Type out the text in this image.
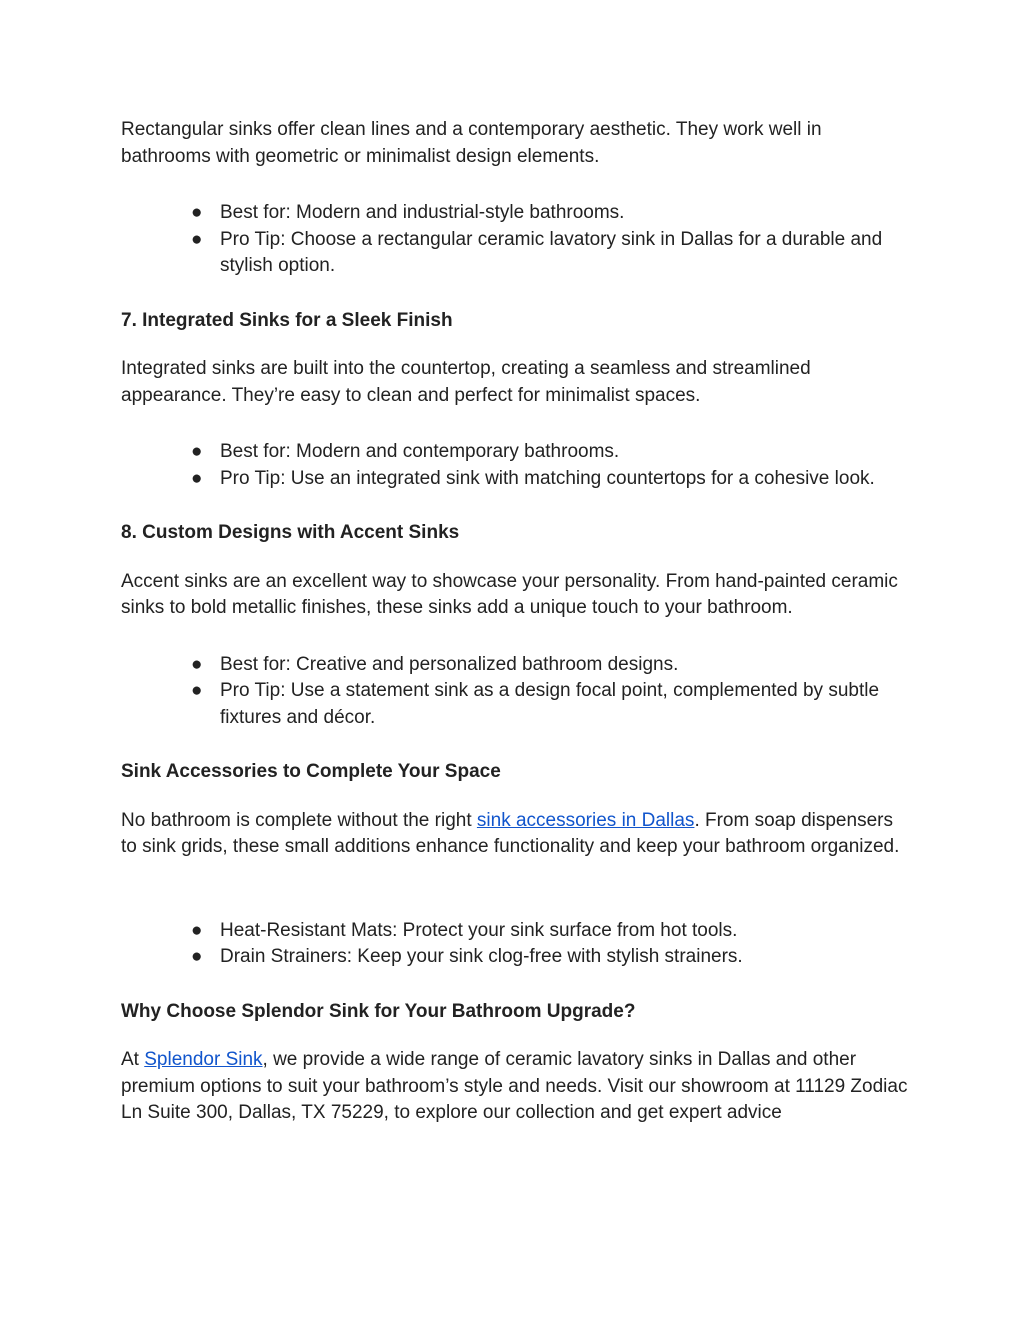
Rectangular sinks offer clean lines and a contemporary aesthetic. They work well in bathrooms with geometric or minimalist design elements.

● Best for: Modern and industrial-style bathrooms.
● Pro Tip: Choose a rectangular ceramic lavatory sink in Dallas for a durable and stylish option.
7. Integrated Sinks for a Sleek Finish

Integrated sinks are built into the countertop, creating a seamless and streamlined appearance. They’re easy to clean and perfect for minimalist spaces.

● Best for: Modern and contemporary bathrooms.
● Pro Tip: Use an integrated sink with matching countertops for a cohesive look.
8. Custom Designs with Accent Sinks

Accent sinks are an excellent way to showcase your personality. From hand-painted ceramic sinks to bold metallic finishes, these sinks add a unique touch to your bathroom.

● Best for: Creative and personalized bathroom designs.
● Pro Tip: Use a statement sink as a design focal point, complemented by subtle fixtures and décor.
Sink Accessories to Complete Your Space

No bathroom is complete without the right sink accessories in Dallas. From soap dispensers to sink grids, these small additions enhance functionality and keep your bathroom organized.

● Heat-Resistant Mats: Protect your sink surface from hot tools.
● Drain Strainers: Keep your sink clog-free with stylish strainers.
Why Choose Splendor Sink for Your Bathroom Upgrade?

At Splendor Sink, we provide a wide range of ceramic lavatory sinks in Dallas and other premium options to suit your bathroom’s style and needs. Visit our showroom at 11129 Zodiac Ln Suite 300, Dallas, TX 75229, to explore our collection and get expert advice
